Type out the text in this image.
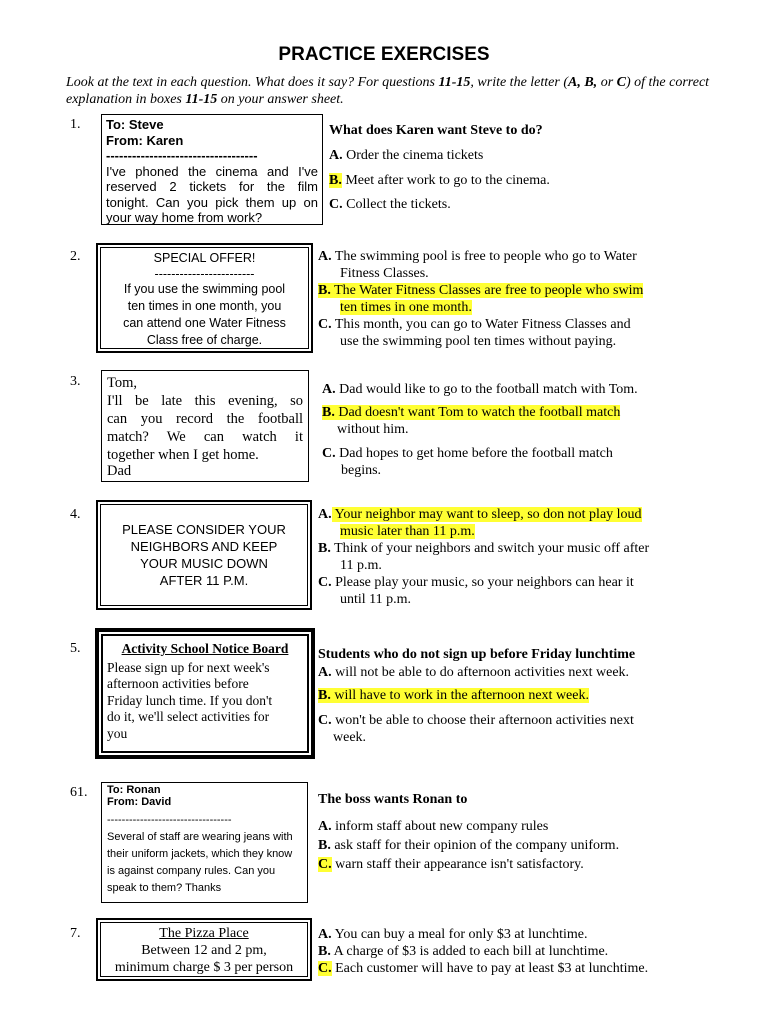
PRACTICE EXERCISES
Look at the text in each question. What does it say? For questions 11-15, write the letter (A, B, or C) of the correct explanation in boxes 11-15 on your answer sheet.
1. To: Steve
From: Karen
-----------------------------------
I've phoned the cinema and I've
reserved 2 tickets for the film
tonight. Can you pick them up on
your way home from work?
What does Karen want Steve to do?
A. Order the cinema tickets
B. Meet after work to go to the cinema.
C. Collect the tickets.
2.	SPECIAL OFFER!
------------------------
If you use the swimming pool
ten times in one month, you
can attend one Water Fitness
Class free of charge.
A. The swimming pool is free to people who go to Water
Fitness Classes.
B. The Water Fitness Classes are free to people who swim
ten times in one month.
C. This month, you can go to Water Fitness Classes and
use the swimming pool ten times without paying.
3. Tom,
I'll be late this evening, so
can you record the football
match? We can watch it
together when I get home.
Dad
A. Dad would like to go to the football match with Tom.
B. Dad doesn't want Tom to watch the football match
without him.
C. Dad hopes to get home before the football match
begins.
4.
PLEASE CONSIDER YOUR
NEIGHBORS AND KEEP
YOUR MUSIC DOWN
AFTER 11 P.M.
A. Your neighbor may want to sleep, so don not play loud
music later than 11 p.m.
B. Think of your neighbors and switch your music off after
11 p.m.
C. Please play your music, so your neighbors can hear it
until 11 p.m.
5.	Activity School Notice Board
Please sign up for next week's
afternoon activities before
Friday lunch time. If you don't
do it, we'll select activities for
you
Students who do not sign up before Friday lunchtime
A. will not be able to do afternoon activities next week.
B. will have to work in the afternoon next week.
C. won't be able to choose their afternoon activities next
week.
61. To: Ronan
From: David
----------------------------------
Several of staff are wearing jeans with
their uniform jackets, which they know
is against company rules. Can you
speak to them? Thanks
The boss wants Ronan to
A. inform staff about new company rules
B. ask staff for their opinion of the company uniform.
C. warn staff their appearance isn't satisfactory.
7.	The Pizza Place
Between 12 and 2 pm,
minimum charge $ 3 per person
A. You can buy a meal for only $3 at lunchtime.
B. A charge of $3 is added to each bill at lunchtime.
C. Each customer will have to pay at least $3 at lunchtime.
